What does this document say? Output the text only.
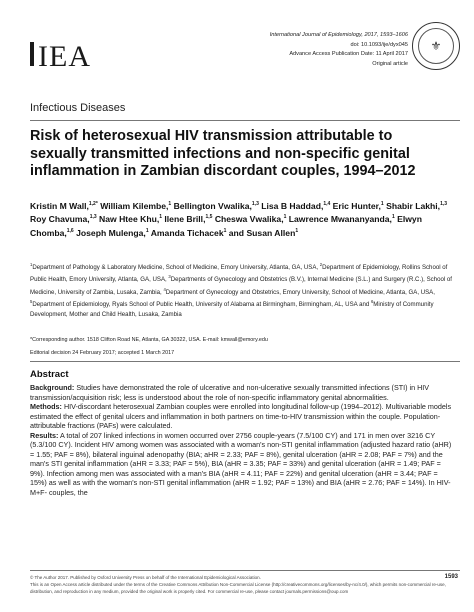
IEA
International Journal of Epidemiology, 2017, 1593–1606
doi: 10.1093/ije/dyx045
Advance Access Publication Date: 11 April 2017
Original article
⚜
Infectious Diseases
Risk of heterosexual HIV transmission attributable to sexually transmitted infections and non-specific genital inflammation in Zambian discordant couples, 1994–2012
Kristin M Wall,$^{1,2*}$ William Kilembe,$^1$ Bellington Vwalika,$^{1,3}$ Lisa B Haddad,$^{1,4}$ Eric Hunter,$^1$ Shabir Lakhi,$^{1,3}$ Roy Chavuma,$^{1,3}$ Naw Htee Khu,$^1$ Ilene Brill,$^{1,5}$ Cheswa Vwalika,$^1$ Lawrence Mwananyanda,$^1$ Elwyn Chomba,$^{1,6}$ Joseph Mulenga,$^1$ Amanda Tichacek$^1$ and Susan Allen$^1$
$^1$Department of Pathology & Laboratory Medicine, School of Medicine, Emory University, Atlanta, GA, USA, $^2$Department of Epidemiology, Rollins School of Public Health, Emory University, Atlanta, GA, USA, $^3$Departments of Gynecology and Obstetrics (B.V.), Internal Medicine (S.L.) and Surgery (R.C.), School of Medicine, University of Zambia, Lusaka, Zambia, $^4$Department of Gynecology and Obstetrics, Emory University, School of Medicine, Atlanta, GA, USA, $^5$Department of Epidemiology, Ryals School of Public Health, University of Alabama at Birmingham, Birmingham, AL, USA and $^6$Ministry of Community Development, Mother and Child Health, Lusaka, Zambia
*Corresponding author. 1518 Clifton Road NE, Atlanta, GA 30322, USA. E-mail: kmwall@emory.edu
Editorial decision 24 February 2017; accepted 1 March 2017
Abstract

Background: Studies have demonstrated the role of ulcerative and non-ulcerative sexually transmitted infections (STI) in HIV transmission/acquisition risk; less is understood about the role of non-specific inflammatory genital abnormalities.

Methods: HIV-discordant heterosexual Zambian couples were enrolled into longitudinal follow-up (1994–2012). Multivariable models estimated the effect of genital ulcers and inflammation in both partners on time-to-HIV transmission within the couple. Population-attributable fractions (PAFs) were calculated.

Results: A total of 207 linked infections in women occurred over 2756 couple-years (7.5/100 CY) and 171 in men over 3216 CY (5.3/100 CY). Incident HIV among women was associated with a woman's non-STI genital inflammation (adjusted hazard ratio (aHR) = 1.55; PAF = 8%), bilateral inguinal adenopathy (BIA; aHR = 2.33; PAF = 8%), genital ulceration (aHR = 2.08; PAF = 7%) and the man's STI genital inflammation (aHR = 3.33; PAF = 5%), BIA (aHR = 3.35; PAF = 33%) and genital ulceration (aHR = 1.49; PAF = 9%). Infection among men was associated with a man's BIA (aHR = 4.11; PAF = 22%) and genital ulceration (aHR = 3.44; PAF = 15%) as well as with the woman's non-STI genital inflammation (aHR = 1.92; PAF = 13%) and BIA (aHR = 2.76; PAF = 14%). In HIV-M+F- couples, the

© The Author 2017. Published by Oxford University Press on behalf of the International Epidemiological Association.
This is an Open Access article distributed under the terms of the Creative Commons Attribution Non-Commercial License (http://creativecommons.org/licenses/by-nc/4.0/), which permits non-commercial re-use, distribution, and reproduction in any medium, provided the original work is properly cited. For commercial re-use, please contact journals.permissions@oup.com
1593
